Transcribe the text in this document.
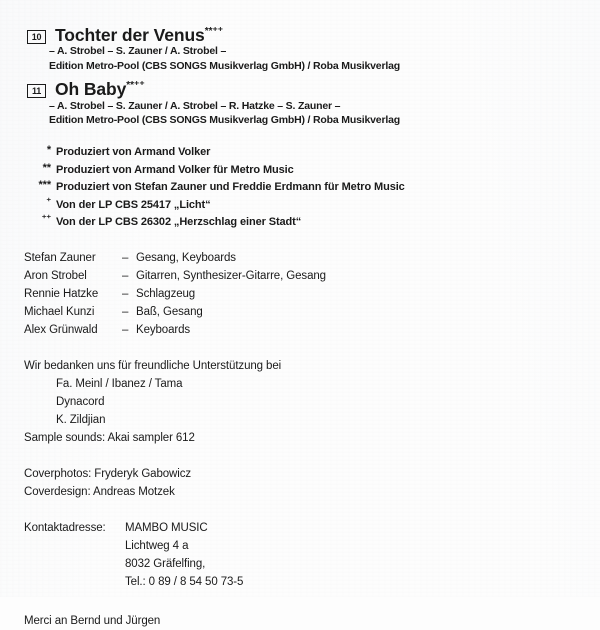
10 Tochter der Venus**⁺⁺
– A. Strobel – S. Zauner / A. Strobel –
Edition Metro-Pool (CBS SONGS Musikverlag GmbH) / Roba Musikverlag
11 Oh Baby**⁺⁺
– A. Strobel – S. Zauner / A. Strobel – R. Hatzke – S. Zauner –
Edition Metro-Pool (CBS SONGS Musikverlag GmbH) / Roba Musikverlag
* Produziert von Armand Volker
** Produziert von Armand Volker für Metro Music
*** Produziert von Stefan Zauner und Freddie Erdmann für Metro Music
⁺ Von der LP CBS 25417 „Licht“
⁺⁺ Von der LP CBS 26302 „Herzschlag einer Stadt“
Stefan Zauner	– Gesang, Keyboards
Aron Strobel	– Gitarren, Synthesizer-Gitarre, Gesang
Rennie Hatzke	– Schlagzeug
Michael Kunzi	– Baß, Gesang
Alex Grünwald	– Keyboards
Wir bedanken uns für freundliche Unterstützung bei
Fa. Meinl / Ibanez / Tama
Dynacord
K. Zildjian
Sample sounds: Akai sampler 612
Coverphotos: Fryderyk Gabowicz
Coverdesign: Andreas Motzek
Kontaktadresse:	MAMBO MUSIC
Lichtweg 4 a
8032 Gräfelfing,
Tel.: 0 89 / 8 54 50 73-5
Merci an Bernd und Jürgen
